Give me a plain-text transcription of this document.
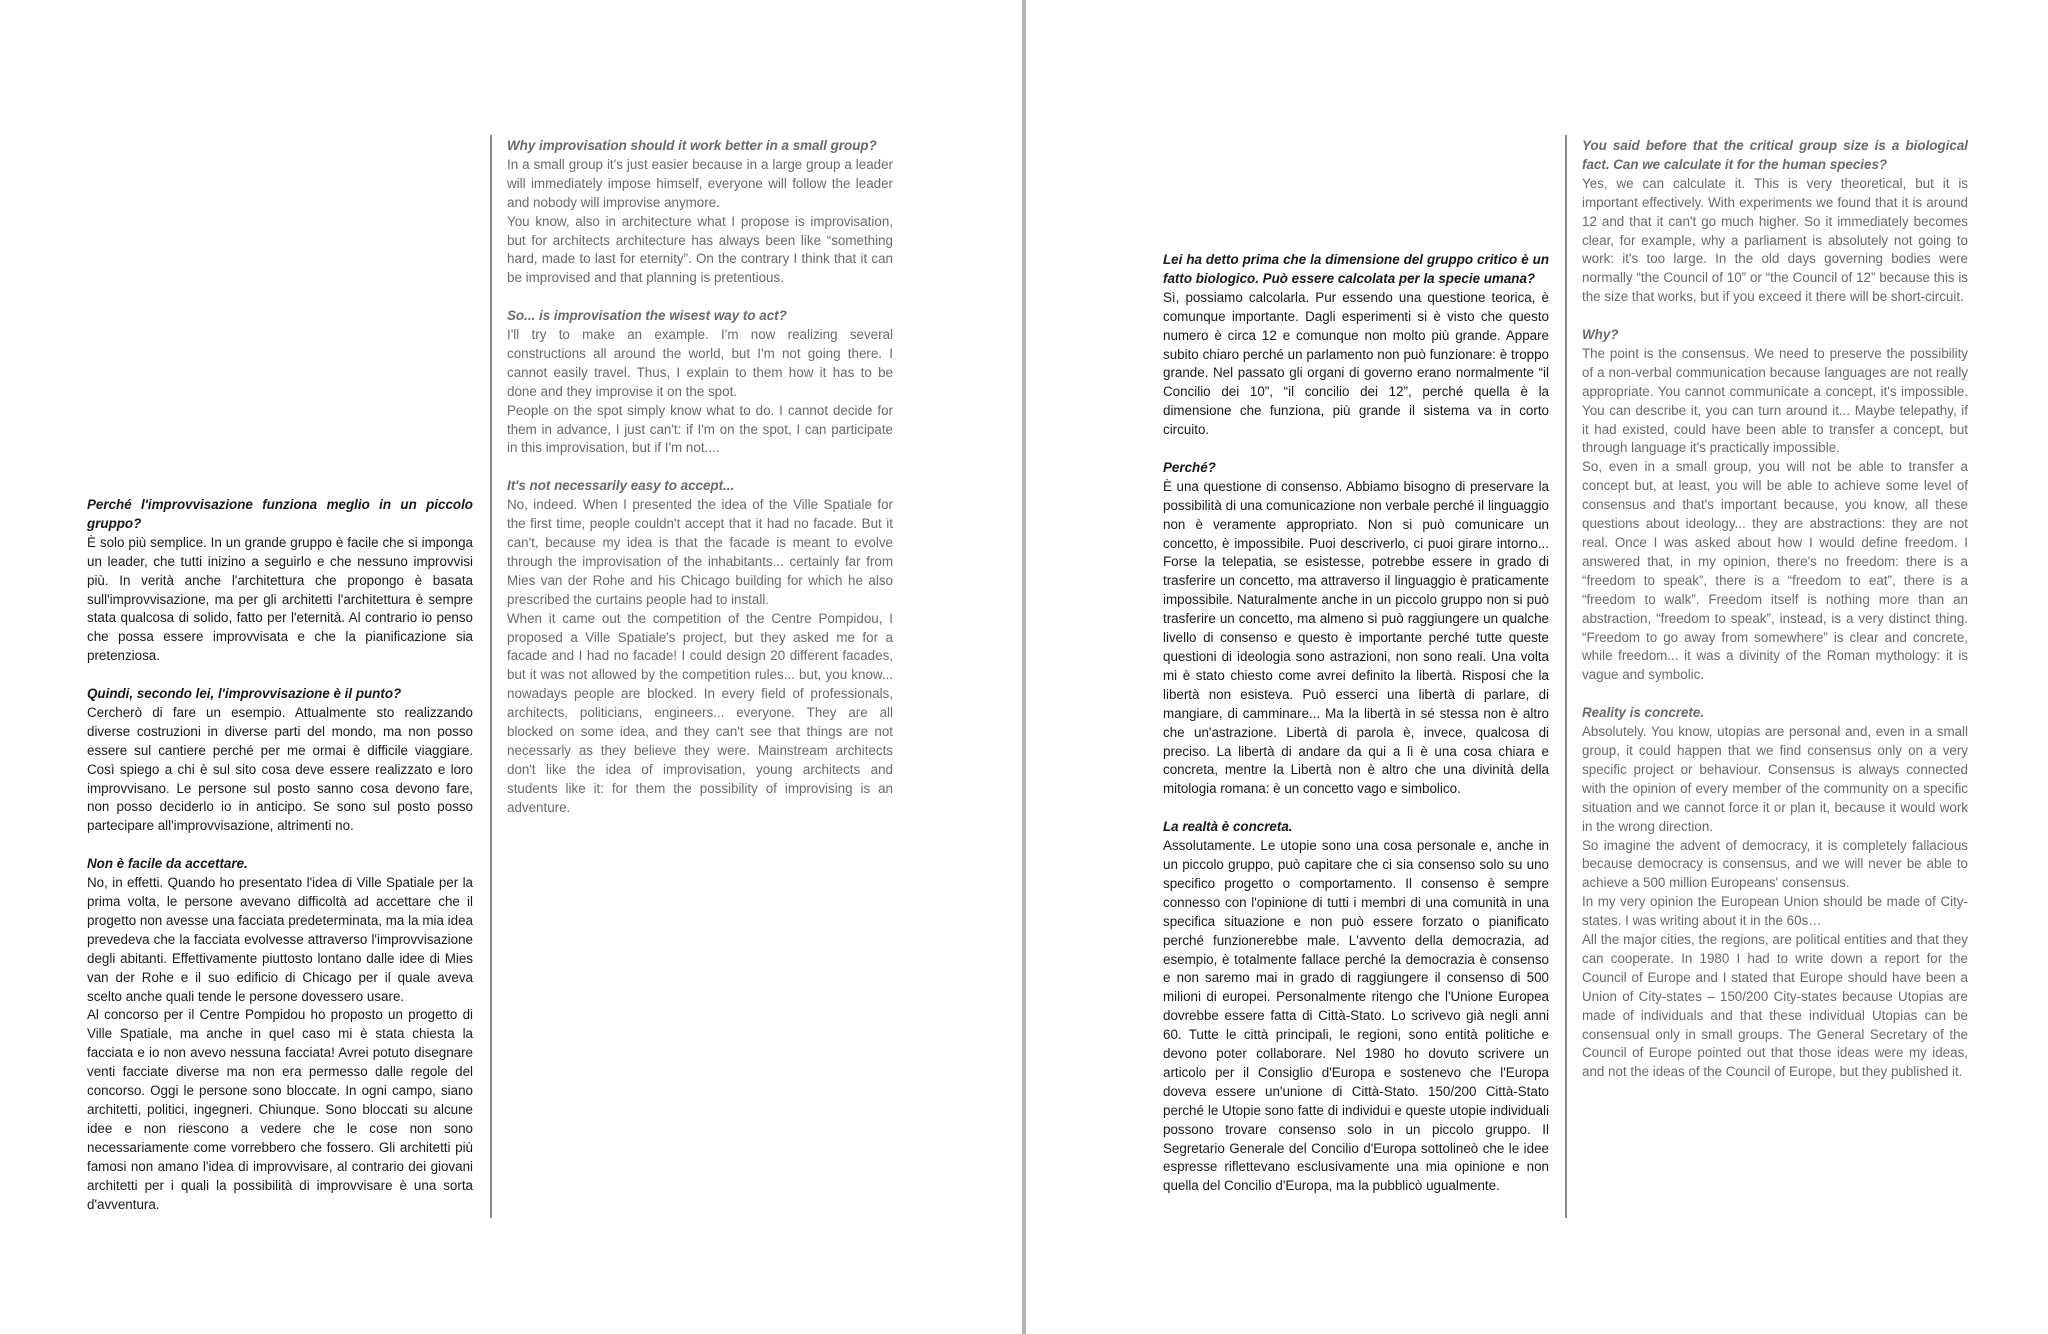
Perché l'improvvisazione funziona meglio in un piccolo gruppo?

È solo più semplice. In un grande gruppo è facile che si imponga un leader, che tutti inizino a seguirlo e che nessuno improvvisi più. In verità anche l'architettura che propongo è basata sull'improvvisazione, ma per gli architetti l'architettura è sempre stata qualcosa di solido, fatto per l'eternità. Al contrario io penso che possa essere improvvisata e che la pianificazione sia pretenziosa.

Quindi, secondo lei, l'improvvisazione è il punto?

Cercherò di fare un esempio. Attualmente sto realizzando diverse costruzioni in diverse parti del mondo, ma non posso essere sul cantiere perché per me ormai è difficile viaggiare. Così spiego a chi è sul sito cosa deve essere realizzato e loro improvvisano. Le persone sul posto sanno cosa devono fare, non posso deciderlo io in anticipo. Se sono sul posto posso partecipare all'improvvisazione, altrimenti no.

Non è facile da accettare.

No, in effetti. Quando ho presentato l'idea di Ville Spatiale per la prima volta, le persone avevano difficoltà ad accettare che il progetto non avesse una facciata predeterminata, ma la mia idea prevedeva che la facciata evolvesse attraverso l'improvvisazione degli abitanti. Effettivamente piuttosto lontano dalle idee di Mies van der Rohe e il suo edificio di Chicago per il quale aveva scelto anche quali tende le persone dovessero usare.

Al concorso per il Centre Pompidou ho proposto un progetto di Ville Spatiale, ma anche in quel caso mi è stata chiesta la facciata e io non avevo nessuna facciata! Avrei potuto disegnare venti facciate diverse ma non era permesso dalle regole del concorso. Oggi le persone sono bloccate. In ogni campo, siano architetti, politici, ingegneri. Chiunque. Sono bloccati su alcune idee e non riescono a vedere che le cose non sono necessariamente come vorrebbero che fossero. Gli architetti più famosi non amano l'idea di improvvisare, al contrario dei giovani architetti per i quali la possibilità di improvvisare è una sorta d'avventura.

Why improvisation should it work better in a small group?

In a small group it's just easier because in a large group a leader will immediately impose himself, everyone will follow the leader and nobody will improvise anymore.

You know, also in architecture what I propose is improvisation, but for architects architecture has always been like “something hard, made to last for eternity”. On the contrary I think that it can be improvised and that planning is pretentious.

So... is improvisation the wisest way to act?

I'll try to make an example. I'm now realizing several constructions all around the world, but I'm not going there. I cannot easily travel. Thus, I explain to them how it has to be done and they improvise it on the spot.

People on the spot simply know what to do. I cannot decide for them in advance, I just can't: if I'm on the spot, I can participate in this improvisation, but if I'm not....

It's not necessarily easy to accept...

No, indeed. When I presented the idea of the Ville Spatiale for the first time, people couldn't accept that it had no facade. But it can't, because my idea is that the facade is meant to evolve through the improvisation of the inhabitants... certainly far from Mies van der Rohe and his Chicago building for which he also prescribed the curtains people had to install.

When it came out the competition of the Centre Pompidou, I proposed a Ville Spatiale's project, but they asked me for a facade and I had no facade! I could design 20 different facades, but it was not allowed by the competition rules... but, you know... nowadays people are blocked. In every field of professionals, architects, politicians, engineers... everyone. They are all blocked on some idea, and they can't see that things are not necessarly as they believe they were. Mainstream architects don't like the idea of improvisation, young architects and students like it: for them the possibility of improvising is an adventure.

Lei ha detto prima che la dimensione del gruppo critico è un fatto biologico. Può essere calcolata per la specie umana?

Sì, possiamo calcolarla. Pur essendo una questione teorica, è comunque importante. Dagli esperimenti si è visto che questo numero è circa 12 e comunque non molto più grande. Appare subito chiaro perché un parlamento non può funzionare: è troppo grande. Nel passato gli organi di governo erano normalmente “il Concilio dei 10”, “il concilio dei 12”, perché quella è la dimensione che funziona, più grande il sistema va in corto circuito.

Perché?

È una questione di consenso. Abbiamo bisogno di preservare la possibilità di una comunicazione non verbale perché il linguaggio non è veramente appropriato. Non si può comunicare un concetto, è impossibile. Puoi descriverlo, ci puoi girare intorno... Forse la telepatia, se esistesse, potrebbe essere in grado di trasferire un concetto, ma attraverso il linguaggio è praticamente impossibile. Naturalmente anche in un piccolo gruppo non si può trasferire un concetto, ma almeno si può raggiungere un qualche livello di consenso e questo è importante perché tutte queste questioni di ideologia sono astrazioni, non sono reali. Una volta mi è stato chiesto come avrei definito la libertà. Risposi che la libertà non esisteva. Può esserci una libertà di parlare, di mangiare, di camminare... Ma la libertà in sé stessa non è altro che un'astrazione. Libertà di parola è, invece, qualcosa di preciso. La libertà di andare da qui a lì è una cosa chiara e concreta, mentre la Libertà non è altro che una divinità della mitologia romana: è un concetto vago e simbolico.

La realtà è concreta.

Assolutamente. Le utopie sono una cosa personale e, anche in un piccolo gruppo, può capitare che ci sia consenso solo su uno specifico progetto o comportamento. Il consenso è sempre connesso con l'opinione di tutti i membri di una comunità in una specifica situazione e non può essere forzato o pianificato perché funzionerebbe male. L'avvento della democrazia, ad esempio, è totalmente fallace perché la democrazia è consenso e non saremo mai in grado di raggiungere il consenso di 500 milioni di europei. Personalmente ritengo che l'Unione Europea dovrebbe essere fatta di Città-Stato. Lo scrivevo già negli anni 60. Tutte le città principali, le regioni, sono entità politiche e devono poter collaborare. Nel 1980 ho dovuto scrivere un articolo per il Consiglio d'Europa e sostenevo che l'Europa doveva essere un'unione di Città-Stato. 150/200 Città-Stato perché le Utopie sono fatte di individui e queste utopie individuali possono trovare consenso solo in un piccolo gruppo. Il Segretario Generale del Concilio d'Europa sottolineò che le idee espresse riflettevano esclusivamente una mia opinione e non quella del Concilio d'Europa, ma la pubblicò ugualmente.

You said before that the critical group size is a biological fact. Can we calculate it for the human species?

Yes, we can calculate it. This is very theoretical, but it is important effectively. With experiments we found that it is around 12 and that it can't go much higher. So it immediately becomes clear, for example, why a parliament is absolutely not going to work: it's too large. In the old days governing bodies were normally “the Council of 10” or “the Council of 12” because this is the size that works, but if you exceed it there will be short-circuit.

Why?

The point is the consensus. We need to preserve the possibility of a non-verbal communication because languages are not really appropriate. You cannot communicate a concept, it's impossible. You can describe it, you can turn around it... Maybe telepathy, if it had existed, could have been able to transfer a concept, but through language it's practically impossible.

So, even in a small group, you will not be able to transfer a concept but, at least, you will be able to achieve some level of consensus and that's important because, you know, all these questions about ideology... they are abstractions: they are not real. Once I was asked about how I would define freedom. I answered that, in my opinion, there's no freedom: there is a “freedom to speak”, there is a “freedom to eat”, there is a “freedom to walk”. Freedom itself is nothing more than an abstraction, “freedom to speak”, instead, is a very distinct thing. “Freedom to go away from somewhere” is clear and concrete, while freedom... it was a divinity of the Roman mythology: it is vague and symbolic.

Reality is concrete.

Absolutely. You know, utopias are personal and, even in a small group, it could happen that we find consensus only on a very specific project or behaviour. Consensus is always connected with the opinion of every member of the community on a specific situation and we cannot force it or plan it, because it would work in the wrong direction.

So imagine the advent of democracy, it is completely fallacious because democracy is consensus, and we will never be able to achieve a 500 million Europeans' consensus.

In my very opinion the European Union should be made of City-states. I was writing about it in the 60s…

All the major cities, the regions, are political entities and that they can cooperate. In 1980 I had to write down a report for the Council of Europe and I stated that Europe should have been a Union of City-states – 150/200 City-states because Utopias are made of individuals and that these individual Utopias can be consensual only in small groups. The General Secretary of the Council of Europe pointed out that those ideas were my ideas, and not the ideas of the Council of Europe, but they published it.
